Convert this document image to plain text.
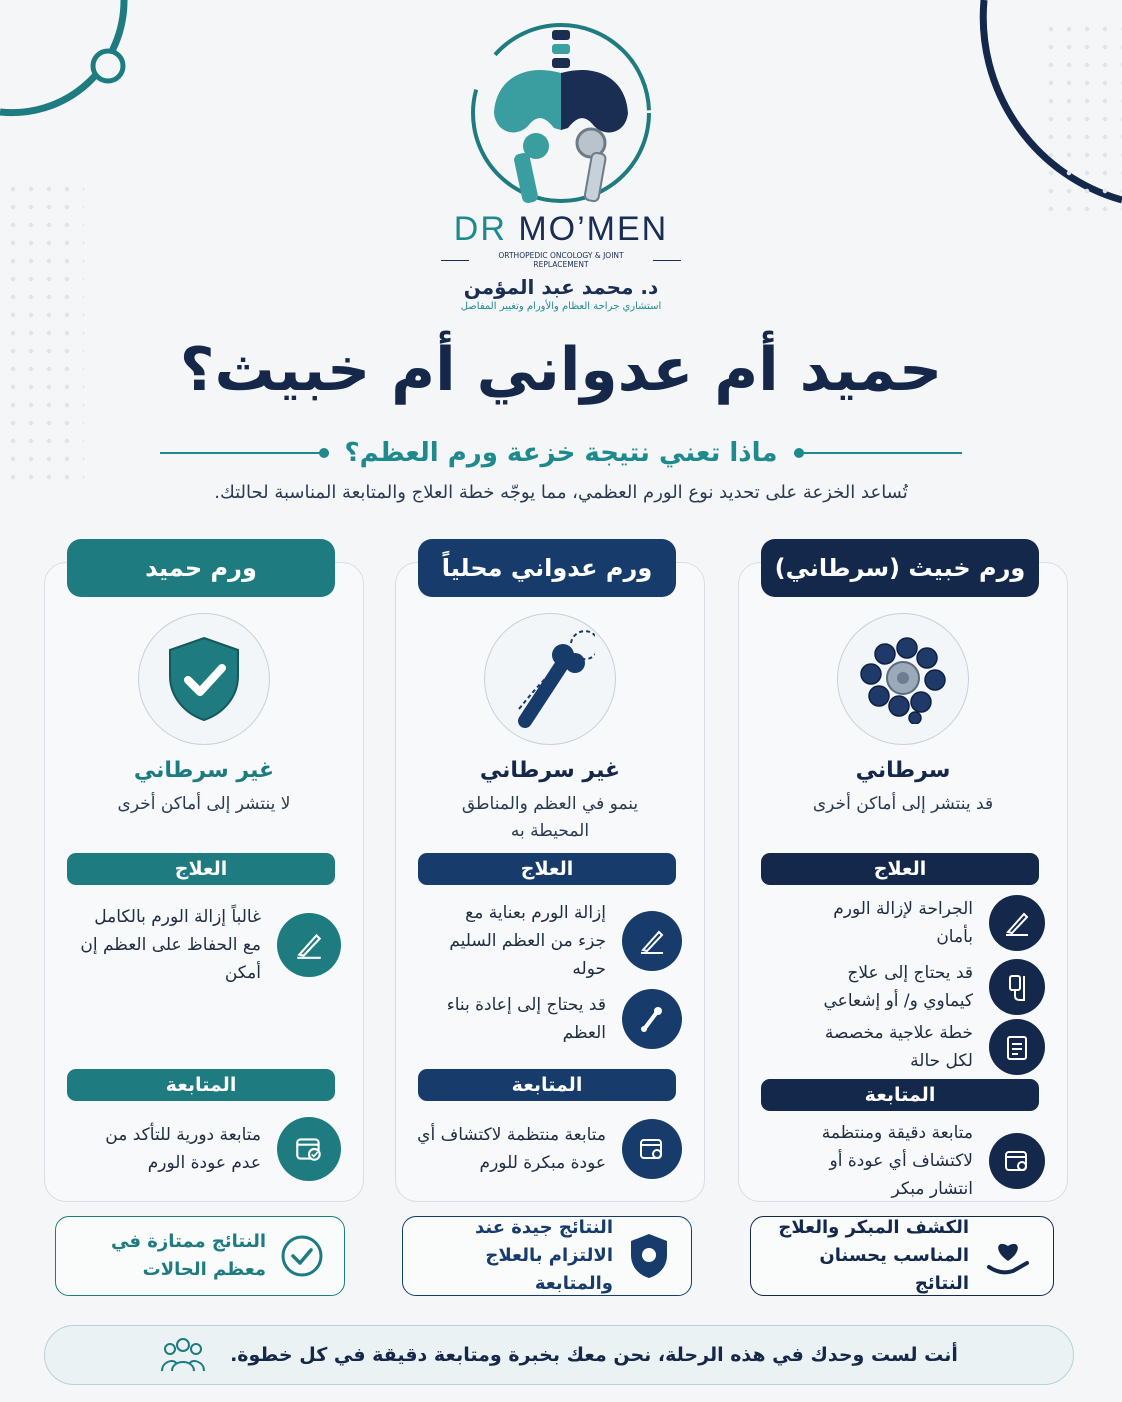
DR MO’MEN
ORTHOPEDIC ONCOLOGY & JOINT REPLACEMENT
د. محمد عبد المؤمن
استشاري جراحة العظام والأورام وتغيير المفاصل
حميد أم عدواني أم خبيث؟
ماذا تعني نتيجة خزعة ورم العظم؟
تُساعد الخزعة على تحديد نوع الورم العظمي، مما يوجّه خطة العلاج والمتابعة المناسبة لحالتك.
ورم خبيث (سرطاني)
سرطاني
قد ينتشر إلى أماكن أخرى
العلاج
الجراحة لإزالة الورم بأمان
قد يحتاج إلى علاج كيماوي و/ أو إشعاعي
خطة علاجية مخصصة لكل حالة
المتابعة
متابعة دقيقة ومنتظمة لاكتشاف أي عودة أو انتشار مبكر
الكشف المبكر والعلاج المناسب يحسنان النتائج
ورم عدواني محلياً
غير سرطاني
ينمو في العظم والمناطق المحيطة به
العلاج
إزالة الورم بعناية مع جزء من العظم السليم حوله
قد يحتاج إلى إعادة بناء العظم
المتابعة
متابعة منتظمة لاكتشاف أي عودة مبكرة للورم
النتائج جيدة عند الالتزام بالعلاج والمتابعة
ورم حميد
غير سرطاني
لا ينتشر إلى أماكن أخرى
العلاج
غالباً إزالة الورم بالكامل مع الحفاظ على العظم إن أمكن
المتابعة
متابعة دورية للتأكد من عدم عودة الورم
النتائج ممتازة في معظم الحالات
أنت لست وحدك في هذه الرحلة، نحن معك بخبرة ومتابعة دقيقة في كل خطوة.
